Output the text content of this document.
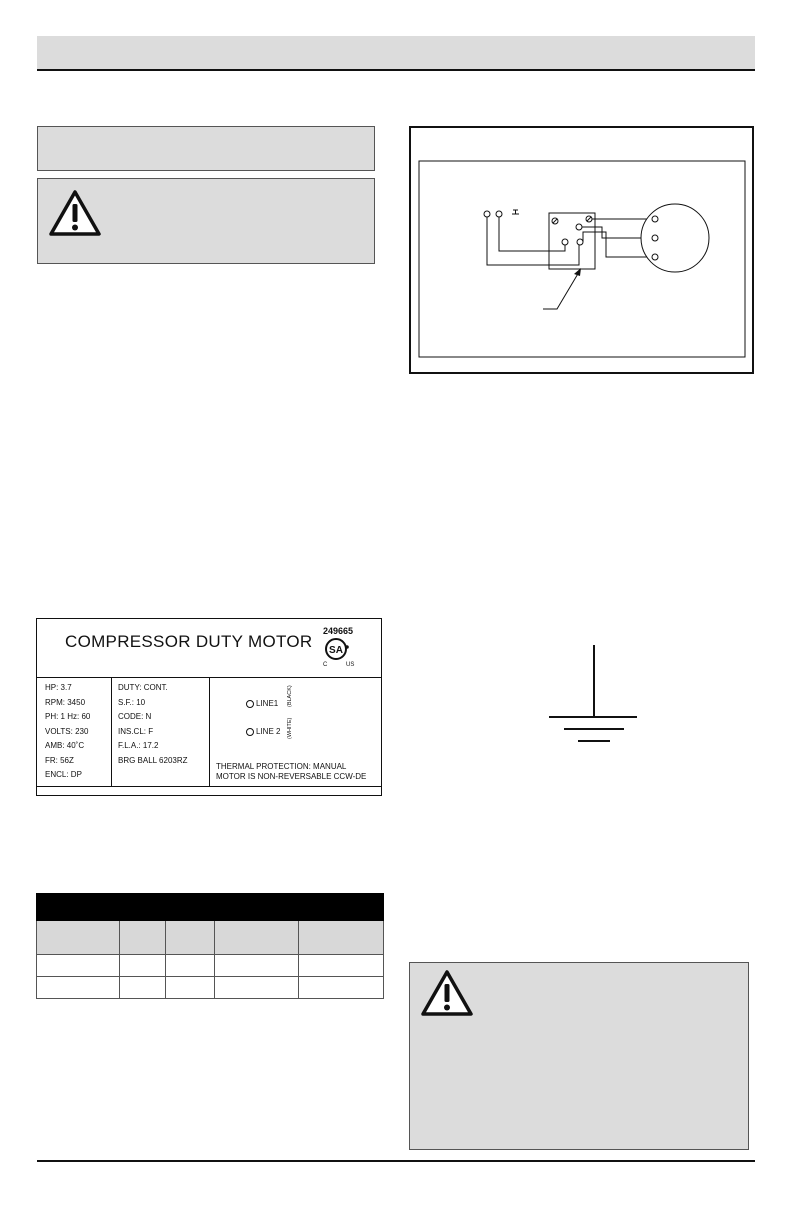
COMPRESSOR DUTY MOTOR
249665
SA
C	US
HP: 3.7
RPM: 3450
PH: 1 Hz: 60
VOLTS: 230
AMB: 40˚C
FR: 56Z
ENCL: DP
DUTY: CONT.
S.F.: 10
CODE: N
INS.CL: F
F.L.A.: 17.2
BRG BALL 6203RZ
LINE1 (BLACK)
LINE 2 (WHITE)
THERMAL PROTECTION: MANUAL
MOTOR IS NON-REVERSABLE CCW-DE
